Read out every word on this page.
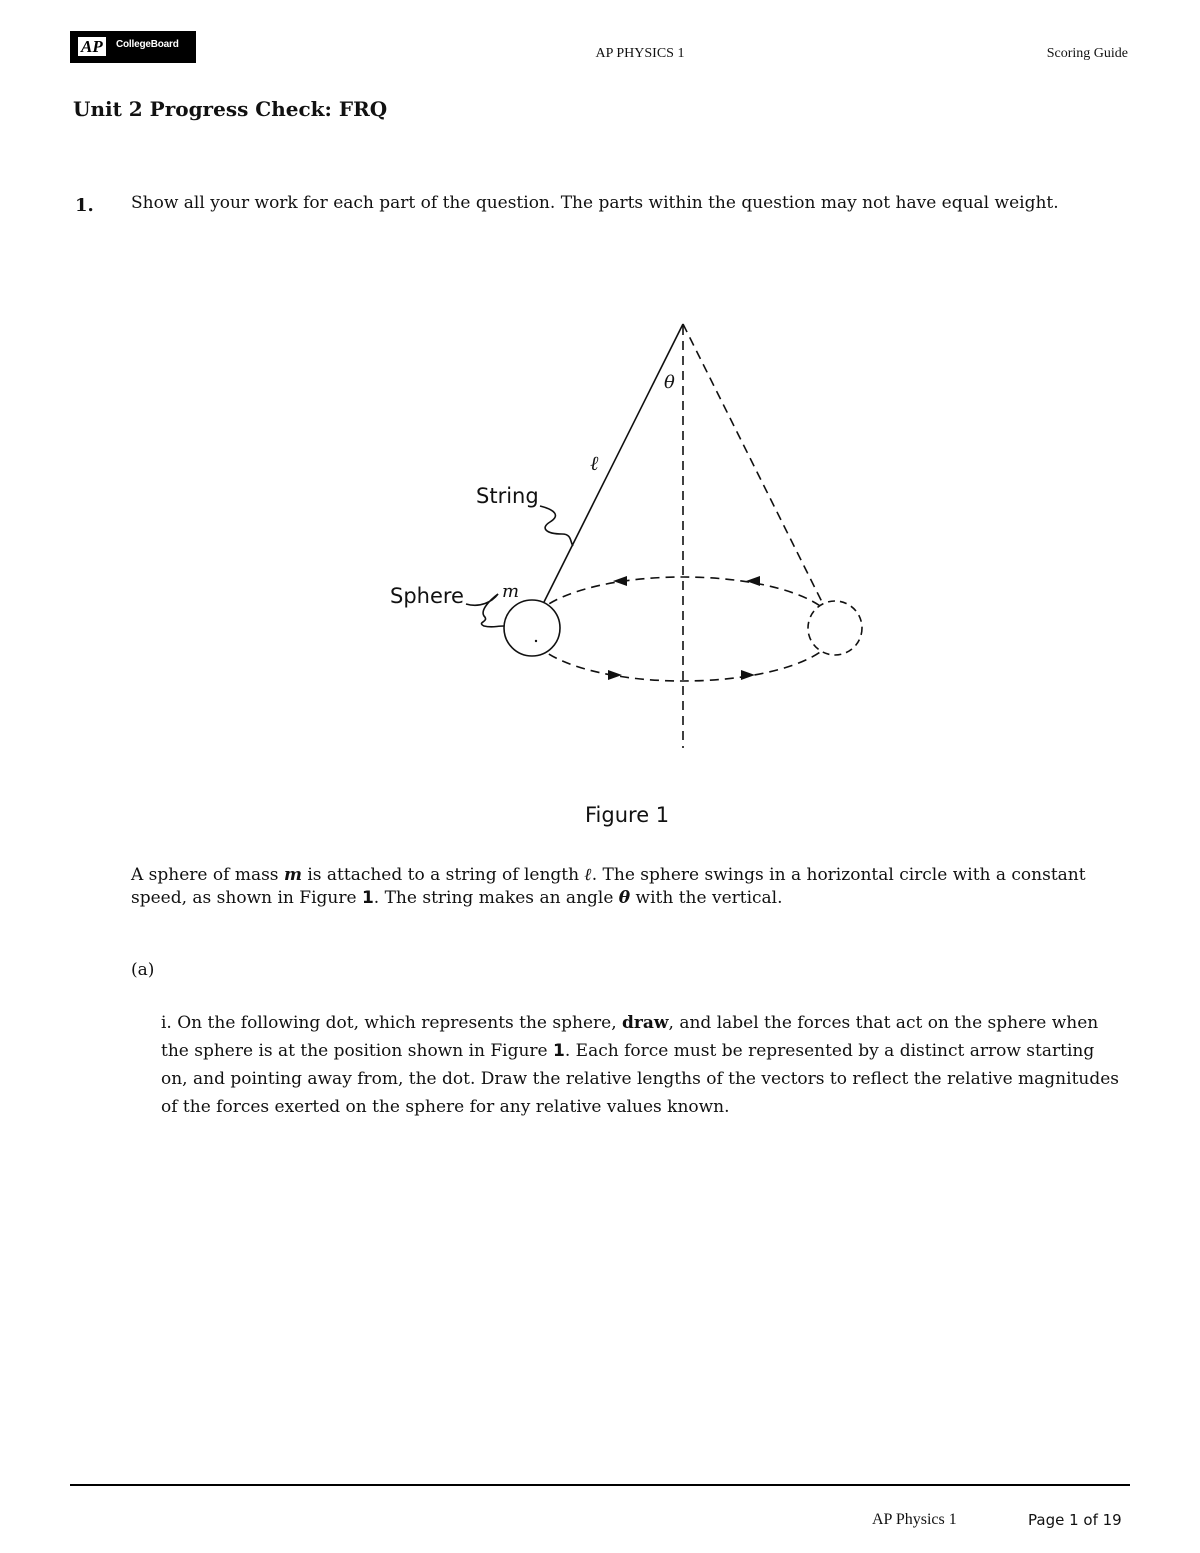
AP	CollegeBoard
AP PHYSICS 1	Scoring Guide
Unit 2 Progress Check: FRQ
1. Show all your work for each part of the question. The parts within the question may not have equal weight.
θ
ℓ
String
Sphere m
Figure 1
A sphere of mass m is attached to a string of length ℓ. The sphere swings in a horizontal circle with a constant speed, as shown in Figure 1. The string makes an angle θ with the vertical.
(a)
i. On the following dot, which represents the sphere, draw, and label the forces that act on the sphere when the sphere is at the position shown in Figure 1. Each force must be represented by a distinct arrow starting on, and pointing away from, the dot. Draw the relative lengths of the vectors to reflect the relative magnitudes of the forces exerted on the sphere for any relative values known.
AP Physics 1	Page 1 of 19
